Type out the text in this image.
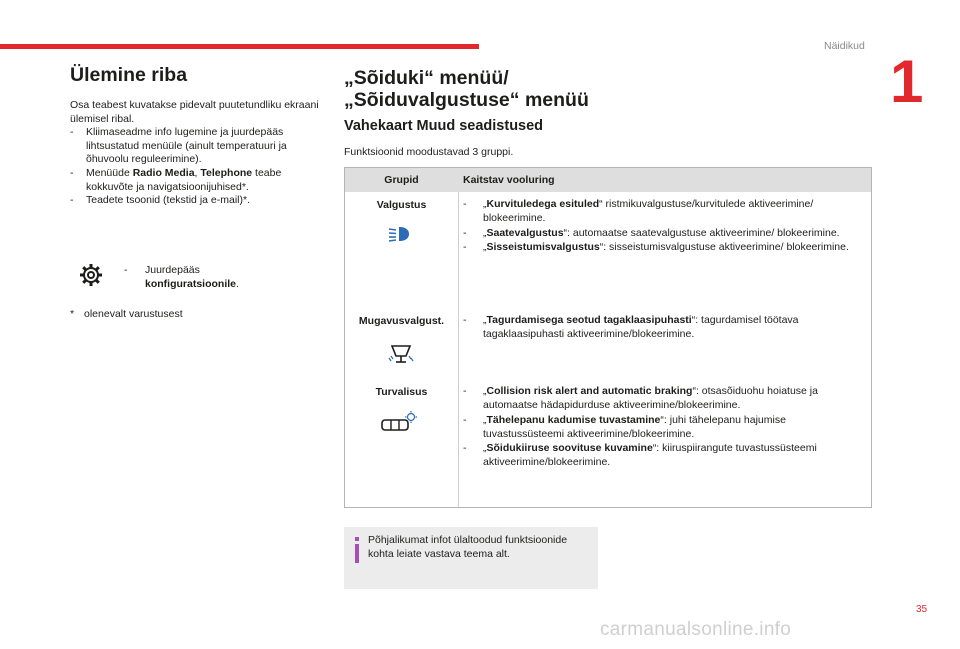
Näidikud
1
35
carmanualsonline.info
Ülemine riba

Osa teabest kuvatakse pidevalt puutetundliku ekraani ülemisel ribal.

-	Kliimaseadme info lugemine ja juurdepääs lihtsustatud menüüle (ainult temperatuuri ja õhuvoolu reguleerimine).
-	Menüüde Radio Media, Telephone teabe kokkuvõte ja navigatsioonijuhised*.
-	Teadete tsoonid (tekstid ja e-mail)*.
-	Juurdepääs
konfiguratsioonile.
* olenevalt varustusest
„Sõiduki“ menüü/
„Sõiduvalgustuse“ menüü
Vahekaart Muud seadistused
Funktsioonid moodustavad 3 gruppi.
Grupid	Kaitstav vooluring
Valgustus	-	„Kurvituledega esituled“ ristmikuvalgustuse/kurvitulede aktiveerimine/ blokeerimine.
-	„Saatevalgustus“: automaatse saatevalgustuse aktiveerimine/ blokeerimine.
-	„Sisseistumisvalgustus“: sisseistumisvalgustuse aktiveerimine/ blokeerimine.
Mugavusvalgust.	-	„Tagurdamisega seotud tagaklaasipuhasti“: tagurdamisel töötava tagaklaasipuhasti aktiveerimine/blokeerimine.
Turvalisus	-	„Collision risk alert and automatic braking“: otsasõiduohu hoiatuse ja automaatse hädapidurduse aktiveerimine/blokeerimine.
-	„Tähelepanu kadumise tuvastamine“: juhi tähelepanu hajumise tuvastussüsteemi aktiveerimine/blokeerimine.
-	„Sõidukiiruse soovituse kuvamine“: kiiruspiirangute tuvastussüsteemi aktiveerimine/blokeerimine.
Põhjalikumat infot ülaltoodud funktsioonide kohta leiate vastava teema alt.
